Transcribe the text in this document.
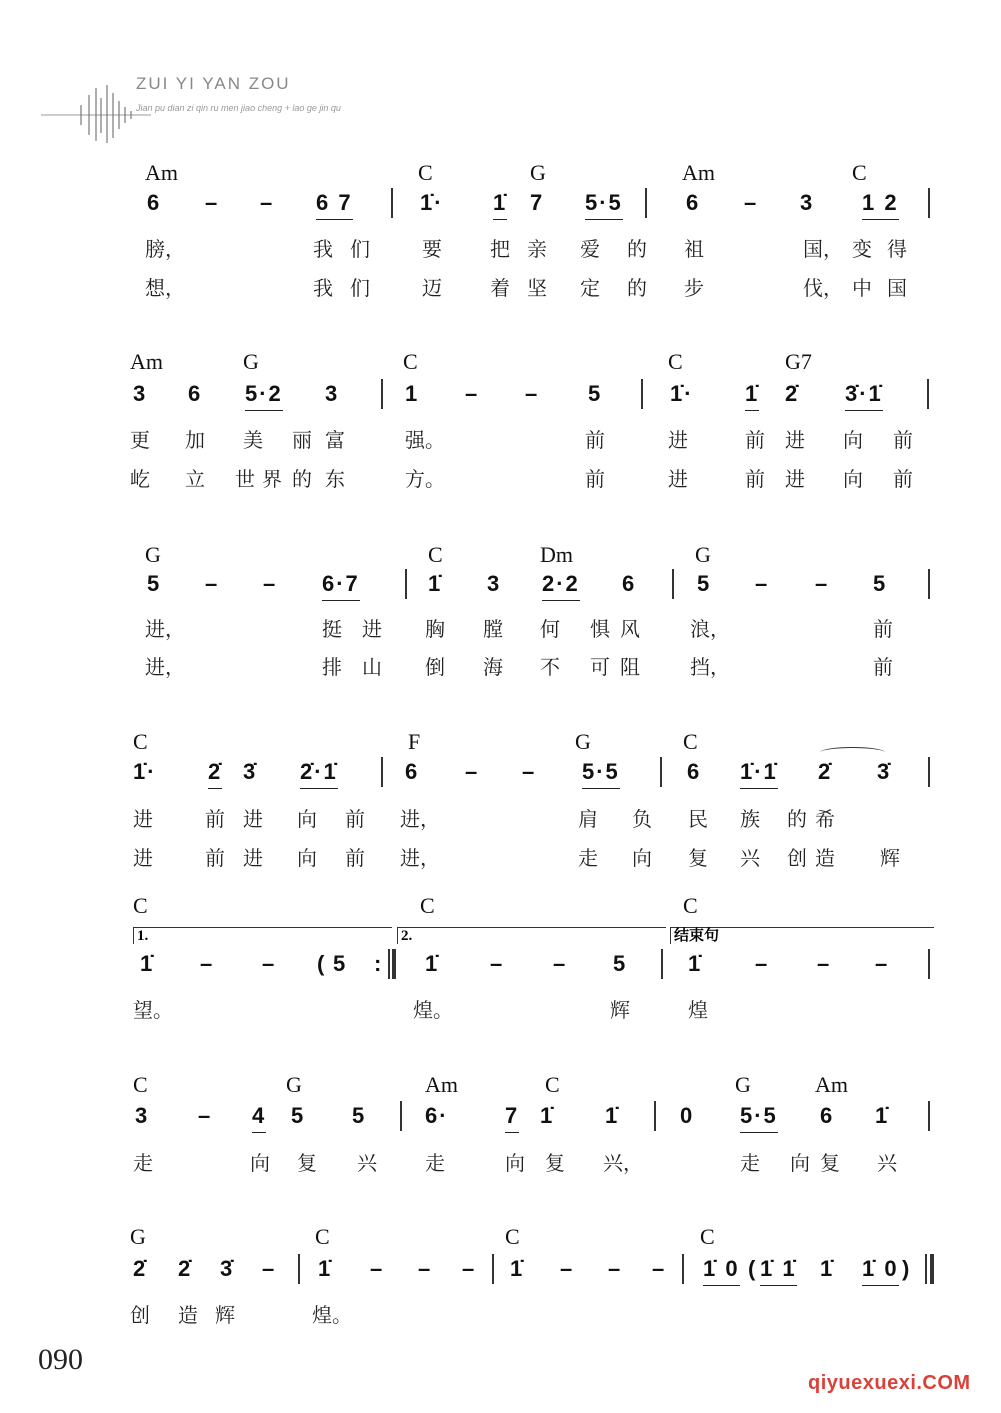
ZUI YI YAN ZOU
Jian pu dian zi qin ru men jiao cheng + lao ge jin qu
090
qiyuexuexi.COM
Am	C	G	Am	C
6 – – 6 7	1̇· 1̇ 7 5·5	6 – 3 1 2
膀，	我 们	要 把 亲 爱 的 祖	国， 变 得
想，	我 们	迈 着 坚 定 的 步	伐， 中 国
Am	G	C	C	G7
3 6 5·2 3	1 – – 5	1̇· 1̇ 2̇ 3̇·1̇
更 加 美 丽 富	强。	前	进	前 进 向 前
屹 立 世 界 的 东	方。	前	进	前 进 向 前
G	C	Dm	G
5 – – 6·7	1̇ 3 2·2 6	5 – – 5
进，	挺 进 胸 膛 何 惧 风	浪，	前
进，	排 山 倒 海 不 可 阻	挡，	前
C	F	G	C
1̇· 2̇ 3̇ 2̇·1̇	6 – – 5·5	6 1̇·1̇ 2̇ 3̇
进	前 进 向 前 进，	肩 负 民 族 的 希
进	前 进 向 前 进，	走 向 复 兴 创 造 辉
C	C	C
1̇ – – ( 5 : 1̇ – – 5	1̇ – – –
望。	煌。	辉	煌
1.	2.	结束句
C	G	Am	C	G	Am
3 – 4 5 5	6·	7 1̇ 1̇	0 5·5 6 1̇
走	向 复 兴 走	向 复 兴，	走 向 复 兴
G	C	C	C
2̇ 2̇ 3̇ – 1̇ – – – 1̇ – – – 1̇ 0 ( 1̇ 1̇ 1̇ 1̇ 0 )
创 造 辉	煌。
